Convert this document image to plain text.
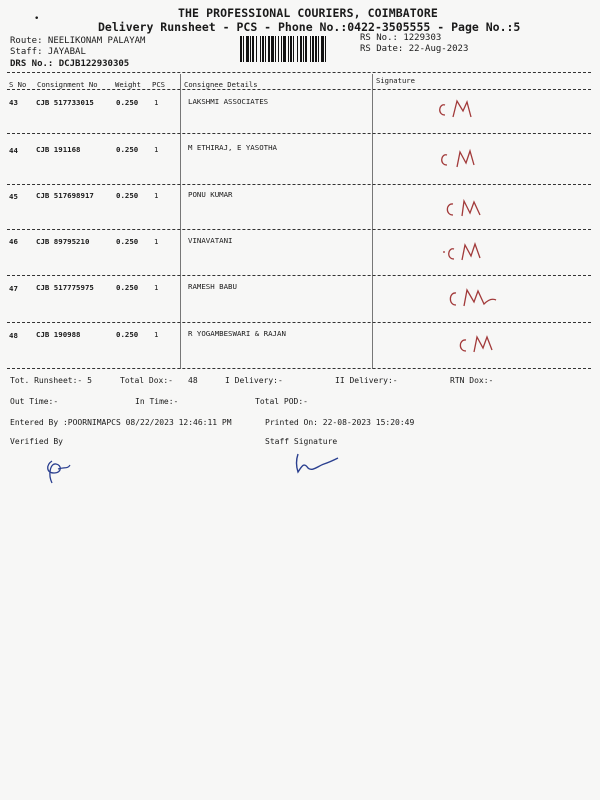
THE PROFESSIONAL COURIERS, COIMBATORE
Delivery Runsheet - PCS - Phone No.:0422-3505555 - Page No.:5
•
Route: NEELIKONAM PALAYAM
Staff: JAYABAL
DRS No.: DCJB122930305
RS No.: 1229303
RS Date: 22-Aug-2023
S No Consignment No Weight PCS	Consignee Details	Signature
43 CJB 517733015	0.250 1	LAKSHMI ASSOCIATES
44 CJB 191168	0.250 1	M ETHIRAJ, E YASOTHA
45 CJB 517698917	0.250 1	PONU KUMAR
46 CJB 89795210	0.250 1	VINAVATANI
47 CJB 517775975	0.250 1	RAMESH BABU
48 CJB 190988	0.250 1	R YOGAMBESWARI & RAJAN
Tot. Runsheet:- 5	Total Dox:- 48	I Delivery:-	II Delivery:-	RTN Dox:-
Out Time:-	In Time:-	Total POD:-
Entered By :POORNIMAPCS 08/22/2023 12:46:11 PM	Printed On: 22-08-2023 15:20:49
Verified By	Staff Signature
